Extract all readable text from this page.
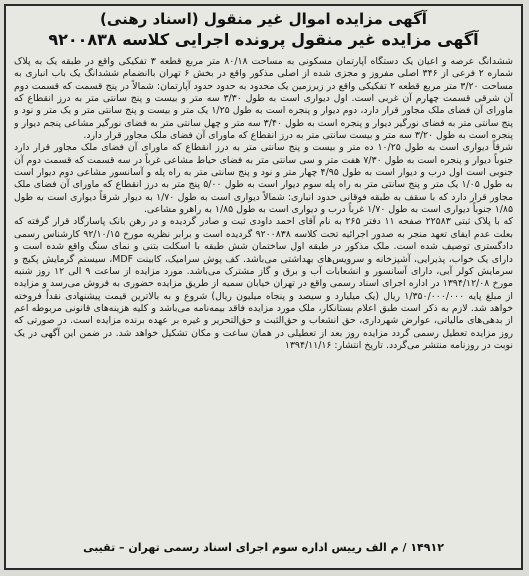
آگهی مزایده اموال غیر منقول (اسناد رهنی)
آگهی مزایده غیر منقول پرونده اجرایی کلاسه ۹۲۰۰۸۳۸

ششدانگ عرصه و اعیان یک دستگاه آپارتمان مسکونی به مساحت ۸۰/۱۸ متر مربع قطعه ۳ تفکیکی واقع در طبقه یک به پلاک شماره ۲ فرعی از ۳۴۶ اصلی مفروز و مجزی شده از اصلی مذکور واقع در بخش ۶ تهران باانضمام ششدانگ یک باب انباری به مساحت ۳/۲۰ متر مربع قطعه ۲ تفکیکی واقع در زیرزمین یک محدود به حدود حدود آپارتمان: شمالاً در پنج قسمت که قسمت دوم آن شرقی قسمت چهارم آن غربی است. اول دیواری است به طول ۳/۳۰ سه متر و بیست و پنج سانتی متر به درز انقطاع که ماورای آن فضای ملک مجاور قرار دارد، دوم دیوار و پنجره است به طول ۱/۲۵ یک متر و بیست و پنج سانتی متر و یک متر و نود و پنج سانتی متر به فضای نورگیر دیوار و پنجره است به طول ۳/۴۰ سه متر و چهل سانتی متر به فضای نورگیر مشاعی پنجم دیوار و پنجره است به طول ۳/۲۰ سه متر و بیست سانتی متر به درز انقطاع که ماورای آن فضای ملک مجاور قرار دارد.

شرقاً دیواری است به طول ۱۰/۲۵ ده متر و بیست و پنج سانتی متر به درز انقطاع که ماورای آن فضای ملک مجاور قرار دارد جنوباً دیوار و پنجره است به طول ۷/۳۰ هفت متر و سی سانتی متر به فضای حیاط مشاعی غرباً در سه قسمت که قسمت دوم آن جنوبی است اول درب و دیوار است به طول ۴/۹۵ چهار متر و نود و پنج سانتی متر به راه پله و آسانسور مشاعی دوم دیوار است به طول ۱/۰۵ یک متر و پنج سانتی متر به راه پله سوم دیوار است به طول ۵/۰۰ پنج متر به درز انقطاع که ماورای آن فضای ملک مجاور قرار دارد که با سقف به طبقه فوقانی حدود انباری: شمالاً دیواری است به طول ۱/۷۰ به دیوار شرقاً دیواری است به طول ۱/۸۵ جنوباً دیواری است به طول ۱/۷۰ غرباً درب و دیواری است به طول ۱/۸۵ به راهرو مشاعی.

که با پلاک ثبتی ۲۲۵۸۳ صفحه ۱۱ دفتر ۲۶۵ به نام آقای احمد داودی ثبت و صادر گردیده و در رهن بانک پاسارگاد قرار گرفته که بعلت عدم ایفای تعهد منجر به صدور اجرائیه تحت کلاسه ۹۲۰۰۸۳۸ گردیده است و برابر نظریه مورخ ۹۲/۱۰/۱۵ کارشناس رسمی دادگستری توصیف شده است. ملک مذکور در طبقه اول ساختمان شش طبقه با اسکلت بتنی و نمای سنگ واقع شده است و دارای یک خواب، پذیرایی، آشپزخانه و سرویس‌های بهداشتی می‌باشد. کف پوش سرامیک، کابینت MDF، سیستم گرمایش پکیج و سرمایش کولر آبی، دارای آسانسور و انشعابات آب و برق و گاز مشترک می‌باشد. مورد مزایده از ساعت ۹ الی ۱۲ روز شنبه مورخ ۱۳۹۴/۱۲/۰۸ در اداره اجرای اسناد رسمی واقع در تهران خیابان سمیه از طریق مزایده حضوری به فروش می‌رسد و مزایده از مبلغ پایه ۱/۳۵۰/۰۰۰/۰۰۰ ریال (یک میلیارد و سیصد و پنجاه میلیون ریال) شروع و به بالاترین قیمت پیشنهادی نقداً فروخته خواهد شد. لازم به ذکر است طبق اعلام بستانکار، ملک مورد مزایده فاقد بیمه‌نامه می‌باشد و کلیه هزینه‌های قانونی مربوطه اعم از بدهی‌های مالیاتی، عوارض شهرداری، حق انشعاب و حق‌الثبت و حق‌التحریر و غیره بر عهده برنده مزایده است. در صورتی که روز مزایده تعطیل رسمی گردد مزایده روز بعد از تعطیلی در همان ساعت و مکان تشکیل خواهد شد. در ضمن این آگهی در یک نوبت در روزنامه منتشر می‌گردد. تاریخ انتشار: ۱۳۹۴/۱۱/۱۶

۱۴۹۱۲ / م الف رییس اداره سوم اجرای اسناد رسمی تهران – تقیبی
